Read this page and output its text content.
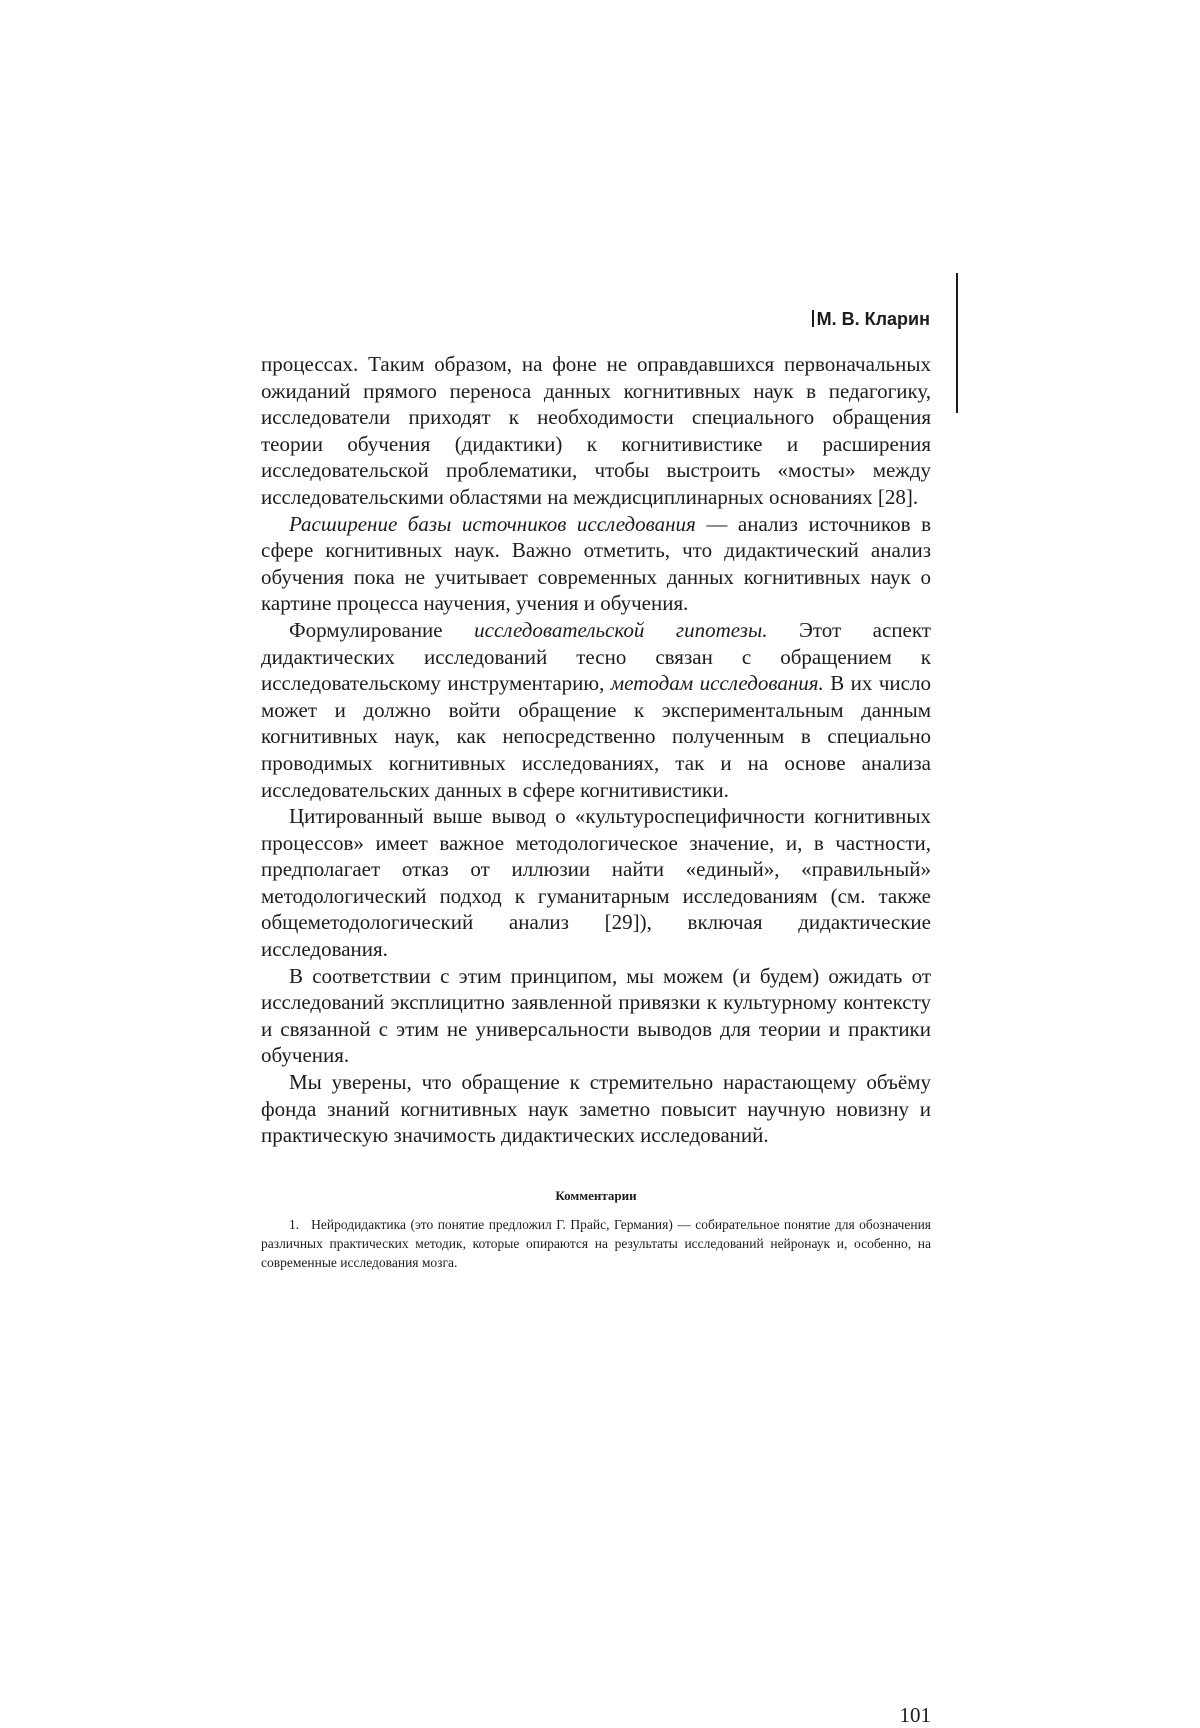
М. В. Кларин

процессах. Таким образом, на фоне не оправдавшихся первоначальных ожиданий прямого переноса данных когнитивных наук в педагогику, исследователи приходят к необходимости специального обращения теории обучения (дидактики) к когнитивистике и расширения исследовательской проблематики, чтобы выстроить «мосты» между исследовательскими областями на междисциплинарных основаниях [28].

Расширение базы источников исследования — анализ источников в сфере когнитивных наук. Важно отметить, что дидактический анализ обучения пока не учитывает современных данных когнитивных наук о картине процесса научения, учения и обучения.

Формулирование исследовательской гипотезы. Этот аспект дидактических исследований тесно связан с обращением к исследовательскому инструментарию, методам исследования. В их число может и должно войти обращение к экспериментальным данным когнитивных наук, как непосредственно полученным в специально проводимых когнитивных исследованиях, так и на основе анализа исследовательских данных в сфере когнитивистики.

Цитированный выше вывод о «культуроспецифичности когнитивных процессов» имеет важное методологическое значение, и, в частности, предполагает отказ от иллюзии найти «единый», «правильный» методологический подход к гуманитарным исследованиям (см. также общеметодологический анализ [29]), включая дидактические исследования.

В соответствии с этим принципом, мы можем (и будем) ожидать от исследований эксплицитно заявленной привязки к культурному контексту и связанной с этим не универсальности выводов для теории и практики обучения.

Мы уверены, что обращение к стремительно нарастающему объёму фонда знаний когнитивных наук заметно повысит научную новизну и практическую значимость дидактических исследований.

Комментарии

1. Нейродидактика (это понятие предложил Г. Прайс, Германия) — собирательное понятие для обозначения различных практических методик, которые опираются на результаты исследований нейронаук и, особенно, на современные исследования мозга.

101
